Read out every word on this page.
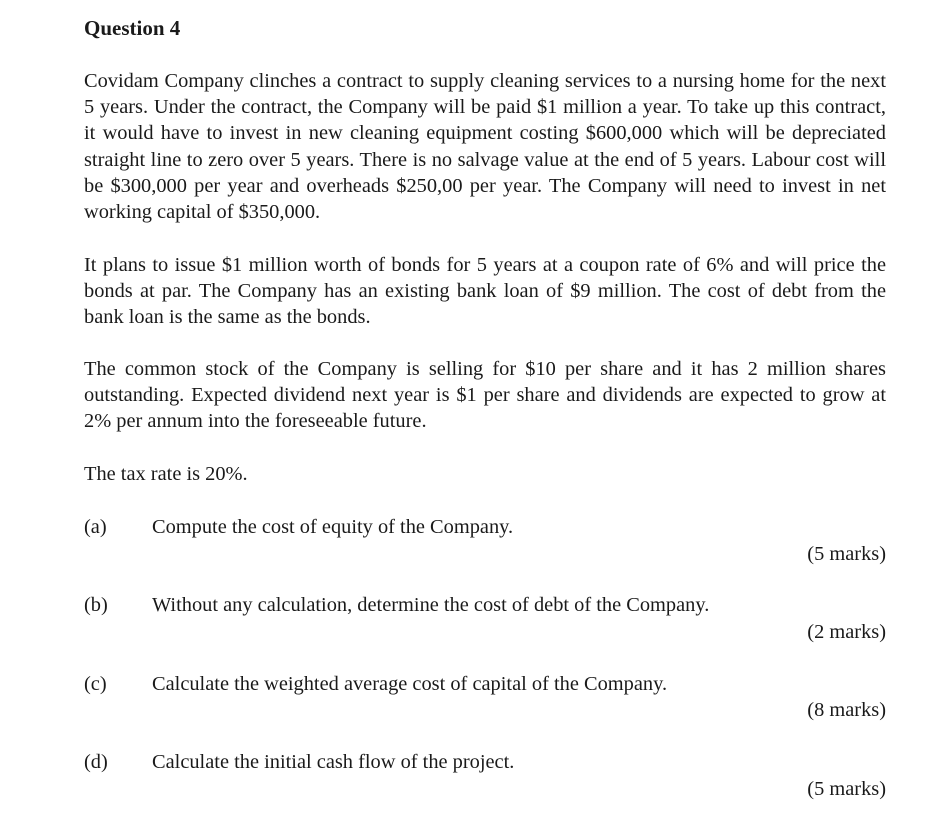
Question 4
Covidam Company clinches a contract to supply cleaning services to a nursing home for the next 5 years. Under the contract, the Company will be paid $1 million a year. To take up this contract, it would have to invest in new cleaning equipment costing $600,000 which will be depreciated straight line to zero over 5 years. There is no salvage value at the end of 5 years. Labour cost will be $300,000 per year and overheads $250,00 per year. The Company will need to invest in net working capital of $350,000.
It plans to issue $1 million worth of bonds for 5 years at a coupon rate of 6% and will price the bonds at par. The Company has an existing bank loan of $9 million. The cost of debt from the bank loan is the same as the bonds.
The common stock of the Company is selling for $10 per share and it has 2 million shares outstanding. Expected dividend next year is $1 per share and dividends are expected to grow at 2% per annum into the foreseeable future.
The tax rate is 20%.
(a) Compute the cost of equity of the Company.
(5 marks)
(b) Without any calculation, determine the cost of debt of the Company.
(2 marks)
(c) Calculate the weighted average cost of capital of the Company.
(8 marks)
(d) Calculate the initial cash flow of the project.
(5 marks)
